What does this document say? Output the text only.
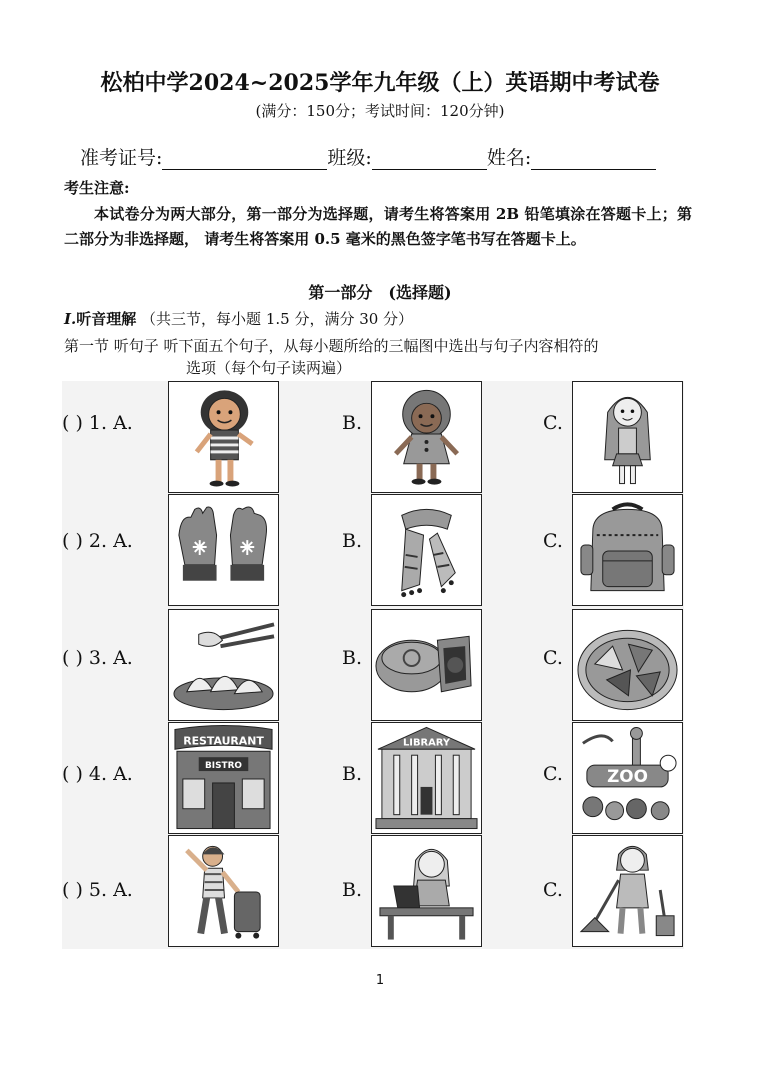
松柏中学2024~2025学年九年级（上）英语期中考试卷
(满分：150分；考试时间：120分钟)
准考证号:	班级:	姓名:
考生注意:
本试卷分为两大部分，第一部分为选择题，请考生将答案用 2B 铅笔填涂在答题卡上；第二部分为非选择题， 请考生将答案用 0.5 毫米的黑色签字笔书写在答题卡上。
第一部分　(选择题)
Ⅰ.听音理解 （共三节，每小题 1.5 分，满分 30 分）
第一节 听句子 听下面五个句子，从每小题所给的三幅图中选出与句子内容相符的
选项（每个句子读两遍）
( ) 1. A.	B.	C.
( ) 2. A.	B.	C.
( ) 3. A.	B.	C.
( ) 4. A.	B.	C.
RESTAURANT
BISTRO
LIBRARY
ZOO
( ) 5. A.	B.	C.
1
